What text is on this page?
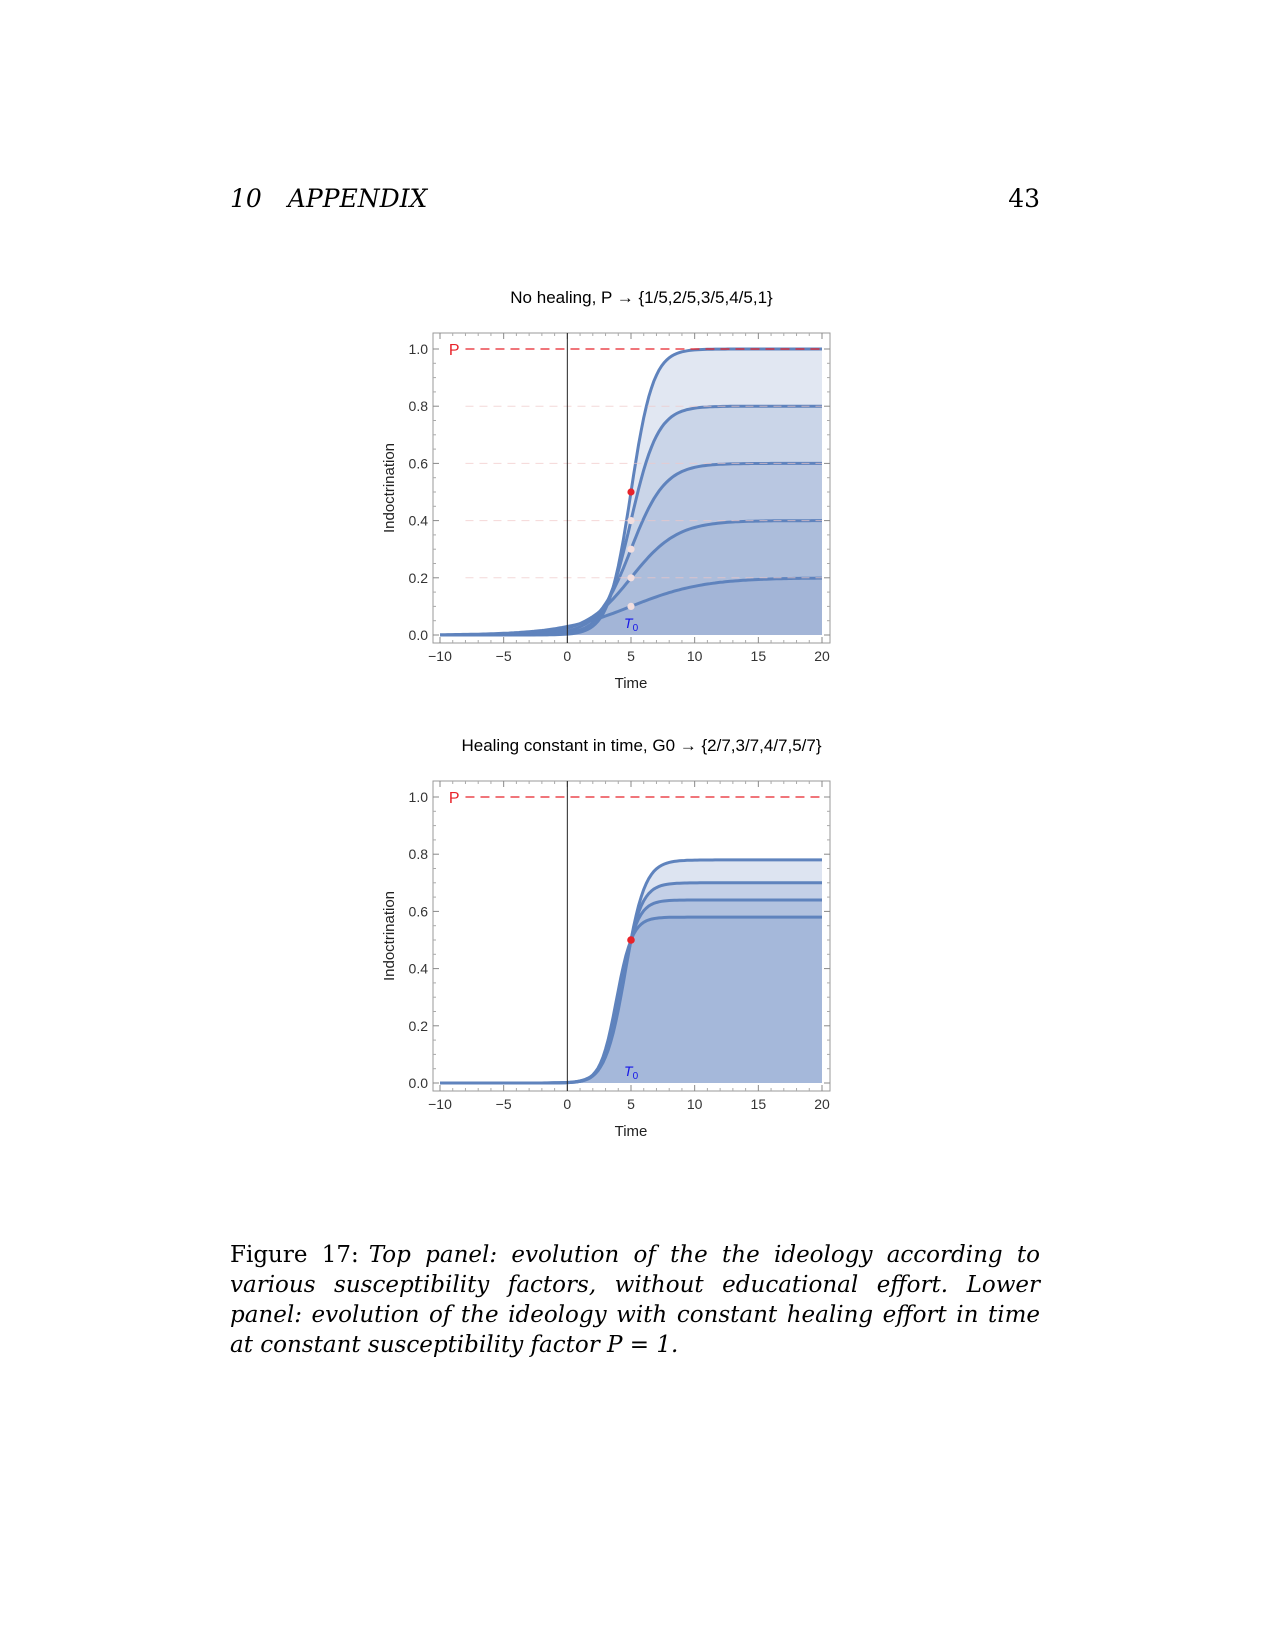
10 APPENDIX	43
No healing, P → {1/5,2/5,3/5,4/5,1}
−10	−5	0	5	10	15	20
0.0
0.2
0.4
0.6
0.8
1.0
Time
Indoctrination
P
$T_0$
Healing constant in time, G0 → {2/7,3/7,4/7,5/7}
−10	−5	0	5	10	15	20
0.0
0.2
0.4
0.6
0.8
1.0
Time
Indoctrination
P
$T_0$
Figure 17: Top panel: evolution of the the ideology according to various susceptibility factors, without educational effort. Lower panel: evolution of the ideology with constant healing effort in time at constant susceptibility factor P = 1.
